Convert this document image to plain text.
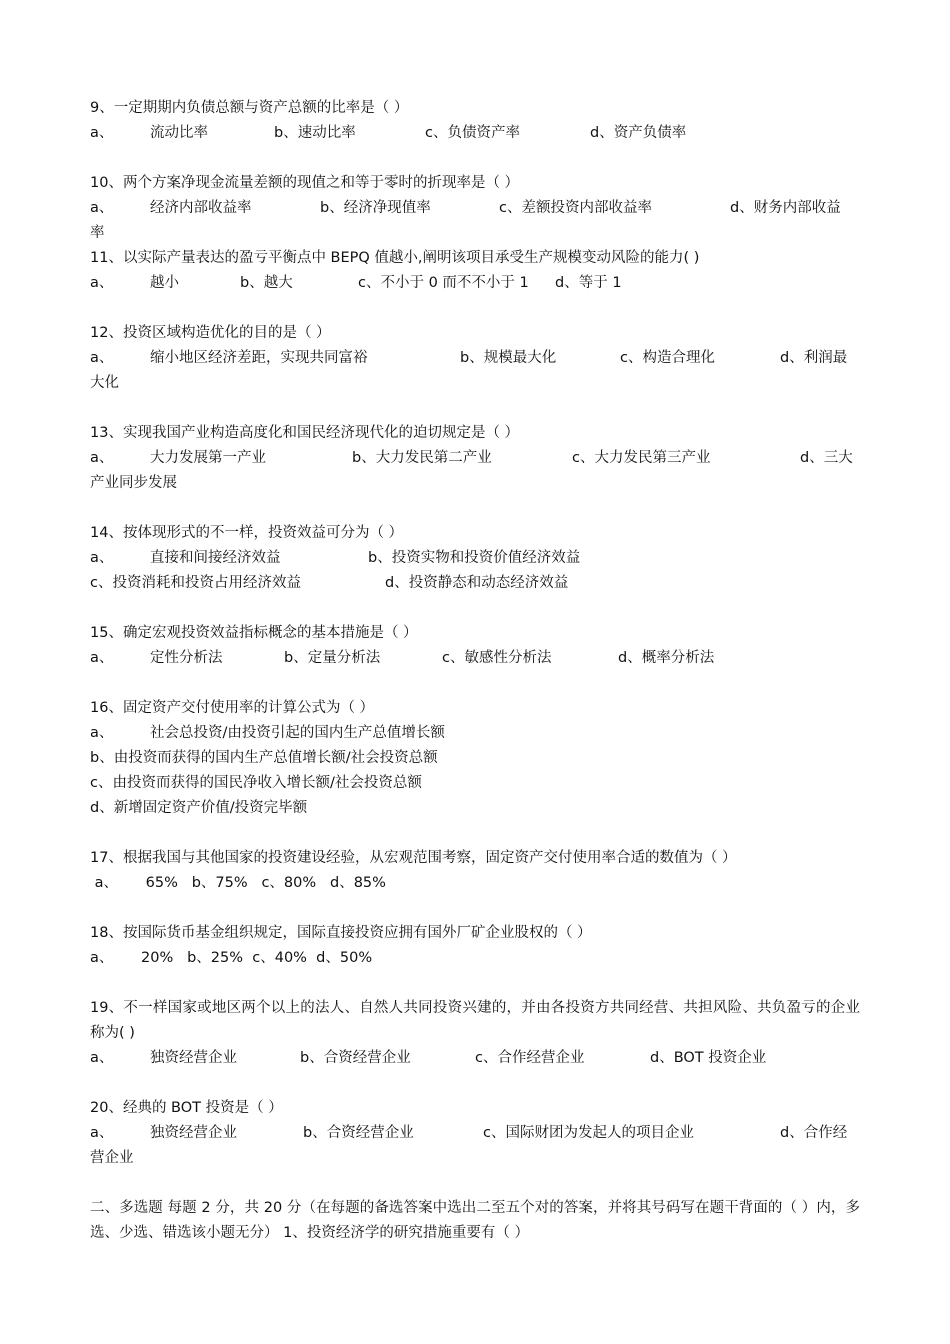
9、一定期期内负债总额与资产总额的比率是（ ）
a、	流动比率	b、速动比率	c、负债资产率	d、资产负债率
10、两个方案净现金流量差额的现值之和等于零时的折现率是（ ）
a、	经济内部收益率	b、经济净现值率	c、差额投资内部收益率	d、财务内部收益
率
11、以实际产量表达的盈亏平衡点中 BEPQ 值越小,阐明该项目承受生产规模变动风险的能力( )
a、	越小	b、越大	c、不小于 0 而不不小于 1 d、等于 1
12、投资区域构造优化的目的是（ ）
a、	缩小地区经济差距，实现共同富裕	b、规模最大化	c、构造合理化	d、利润最
大化
13、实现我国产业构造高度化和国民经济现代化的迫切规定是（ ）
a、	大力发展第一产业	b、大力发民第二产业	c、大力发民第三产业	d、三大
产业同步发展
14、按体现形式的不一样，投资效益可分为（ ）
a、	直接和间接经济效益	b、投资实物和投资价值经济效益
c、投资消耗和投资占用经济效益	d、投资静态和动态经济效益
15、确定宏观投资效益指标概念的基本措施是（ ）
a、	定性分析法	b、定量分析法	c、敏感性分析法	d、概率分析法
16、固定资产交付使用率的计算公式为（ ）
a、	社会总投资/由投资引起的国内生产总值增长额
b、由投资而获得的国内生产总值增长额/社会投资总额
c、由投资而获得的国民净收入增长额/社会投资总额
d、新增固定资产价值/投资完毕额
17、根据我国与其他国家的投资建设经验，从宏观范围考察，固定资产交付使用率合适的数值为（ ）
a、      65%   b、75%   c、80%   d、85%
18、按国际货币基金组织规定，国际直接投资应拥有国外厂矿企业股权的（ ）
a、      20%   b、25%  c、40%  d、50%
19、不一样国家或地区两个以上的法人、自然人共同投资兴建的，并由各投资方共同经营、共担风险、共负盈亏的企业称为( )
a、	独资经营企业	b、合资经营企业	c、合作经营企业	d、BOT 投资企业
20、经典的 BOT 投资是（ ）
a、	独资经营企业	b、合资经营企业	c、国际财团为发起人的项目企业	d、合作经
营企业
二、多选题 每题 2 分，共 20 分（在每题的备选答案中选出二至五个对的答案，并将其号码写在题干背面的（ ）内，多选、少选、错选该小题无分） 1、投资经济学的研究措施重要有（ ）
